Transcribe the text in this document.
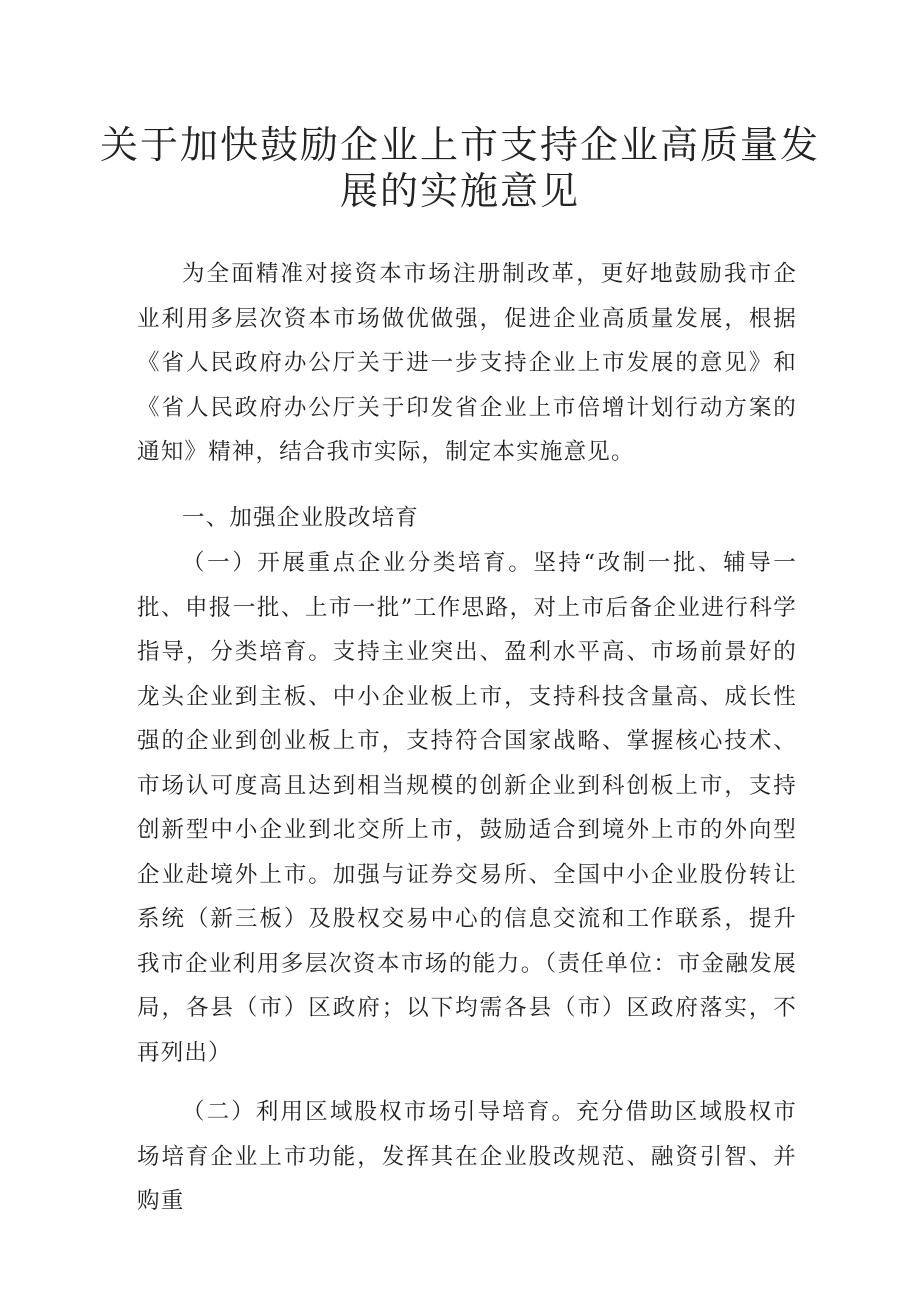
关于加快鼓励企业上市支持企业高质量发
展的实施意见

为全面精准对接资本市场注册制改革，更好地鼓励我市企业利用多层次资本市场做优做强，促进企业高质量发展，根据《省人民政府办公厅关于进一步支持企业上市发展的意见》和《省人民政府办公厅关于印发省企业上市倍增计划行动方案的通知》精神，结合我市实际，制定本实施意见。

一、加强企业股改培育

（一）开展重点企业分类培育。坚持“改制一批、辅导一批、申报一批、上市一批”工作思路，对上市后备企业进行科学指导，分类培育。支持主业突出、盈利水平高、市场前景好的龙头企业到主板、中小企业板上市，支持科技含量高、成长性强的企业到创业板上市，支持符合国家战略、掌握核心技术、市场认可度高且达到相当规模的创新企业到科创板上市，支持创新型中小企业到北交所上市，鼓励适合到境外上市的外向型企业赴境外上市。加强与证券交易所、全国中小企业股份转让系统（新三板）及股权交易中心的信息交流和工作联系，提升我市企业利用多层次资本市场的能力。（责任单位：市金融发展局，各县（市）区政府；以下均需各县（市）区政府落实，不再列出）

（二）利用区域股权市场引导培育。充分借助区域股权市场培育企业上市功能，发挥其在企业股改规范、融资引智、并购重
